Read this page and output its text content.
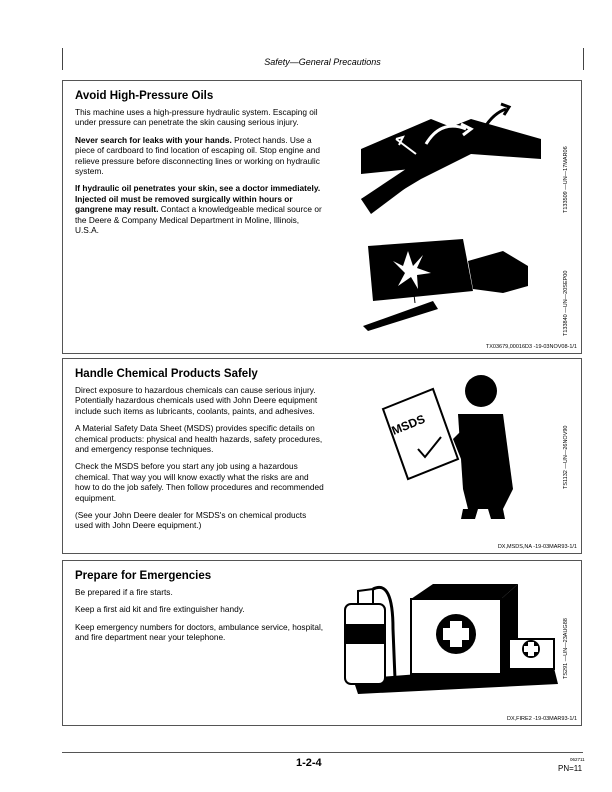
Safety—General Precautions
Avoid High-Pressure Oils

This machine uses a high-pressure hydraulic system. Escaping oil under pressure can penetrate the skin causing serious injury.

Never search for leaks with your hands. Protect hands. Use a piece of cardboard to find location of escaping oil. Stop engine and relieve pressure before disconnecting lines or working on hydraulic system.

If hydraulic oil penetrates your skin, see a doctor immediately. Injected oil must be removed surgically within hours or gangrene may result. Contact a knowledgeable medical source or the Deere & Company Medical Department in Moline, Illinois, U.S.A.

T133509 —UN—17MAR06
T133840 —UN—20SEP00
TX03679,00016D3 -19-03NOV08-1/1
Handle Chemical Products Safely

Direct exposure to hazardous chemicals can cause serious injury. Potentially hazardous chemicals used with John Deere equipment include such items as lubricants, coolants, paints, and adhesives.

A Material Safety Data Sheet (MSDS) provides specific details on chemical products: physical and health hazards, safety procedures, and emergency response techniques.

Check the MSDS before you start any job using a hazardous chemical. That way you will know exactly what the risks are and how to do the job safely. Then follow procedures and recommended equipment.

(See your John Deere dealer for MSDS's on chemical products used with John Deere equipment.)

MSDS
TS1132 —UN—26NOV90
DX,MSDS,NA -19-03MAR93-1/1
Prepare for Emergencies

Be prepared if a fire starts.

Keep a first aid kit and fire extinguisher handy.

Keep emergency numbers for doctors, ambulance service, hospital, and fire department near your telephone.	TS291 —UN—23AUG88
DX,FIRE2 -19-03MAR93-1/1
1-2-4	062711
PN=11
